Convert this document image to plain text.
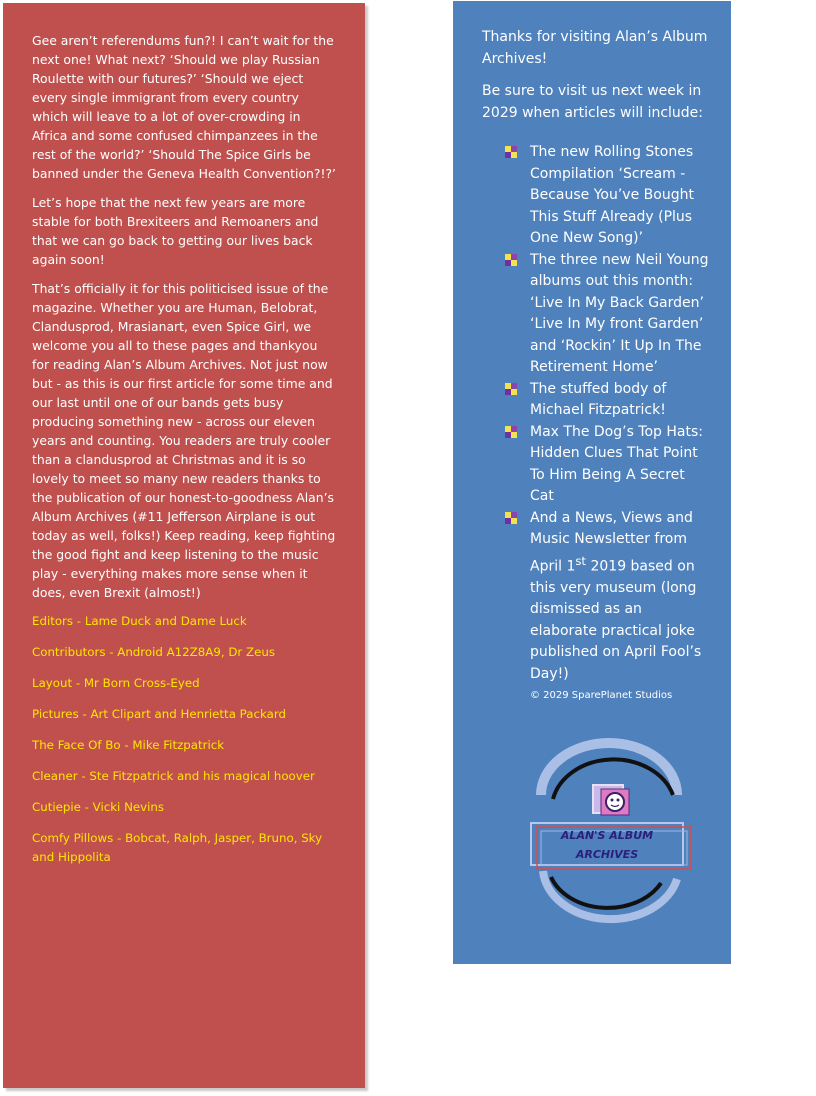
Gee aren’t referendums fun?! I can’t wait for the next one! What next? ‘Should we play Russian Roulette with our futures?’ ‘Should we eject every single immigrant from every country which will leave to a lot of over-crowding in Africa and some confused chimpanzees in the rest of the world?’ ‘Should The Spice Girls be banned under the Geneva Health Convention?!?’

Let’s hope that the next few years are more stable for both Brexiteers and Remoaners and that we can go back to getting our lives back again soon!

That’s officially it for this politicised issue of the magazine. Whether you are Human, Belobrat, Clandusprod, Mrasianart, even Spice Girl, we welcome you all to these pages and thankyou for reading Alan’s Album Archives. Not just now but - as this is our first article for some time and our last until one of our bands gets busy producing something new - across our eleven years and counting. You readers are truly cooler than a clandusprod at Christmas and it is so lovely to meet so many new readers thanks to the publication of our honest-to-goodness Alan’s Album Archives (#11 Jefferson Airplane is out today as well, folks!) Keep reading, keep fighting the good fight and keep listening to the music play - everything makes more sense when it does, even Brexit (almost!)

Editors - Lame Duck and Dame Luck

Contributors - Android A12Z8A9, Dr Zeus

Layout - Mr Born Cross-Eyed

Pictures - Art Clipart and Henrietta Packard

The Face Of Bo - Mike Fitzpatrick

Cleaner - Ste Fitzpatrick and his magical hoover

Cutiepie - Vicki Nevins

Comfy Pillows - Bobcat, Ralph, Jasper, Bruno, Sky and Hippolita

Thanks for visiting Alan’s Album Archives!

Be sure to visit us next week in 2029 when articles will include:

The new Rolling Stones Compilation ‘Scream - Because You’ve Bought This Stuff Already (Plus One New Song)’
The three new Neil Young albums out this month: ‘Live In My Back Garden’ ‘Live In My front Garden’ and ‘Rockin’ It Up In The Retirement Home’
The stuffed body of Michael Fitzpatrick!
Max The Dog’s Top Hats: Hidden Clues That Point To Him Being A Secret Cat
And a News, Views and Music Newsletter from April 1st 2019 based on this very museum (long dismissed as an elaborate practical joke published on April Fool’s Day!)
© 2029 SparePlanet Studios
ALAN'S ALBUM
ARCHIVES
